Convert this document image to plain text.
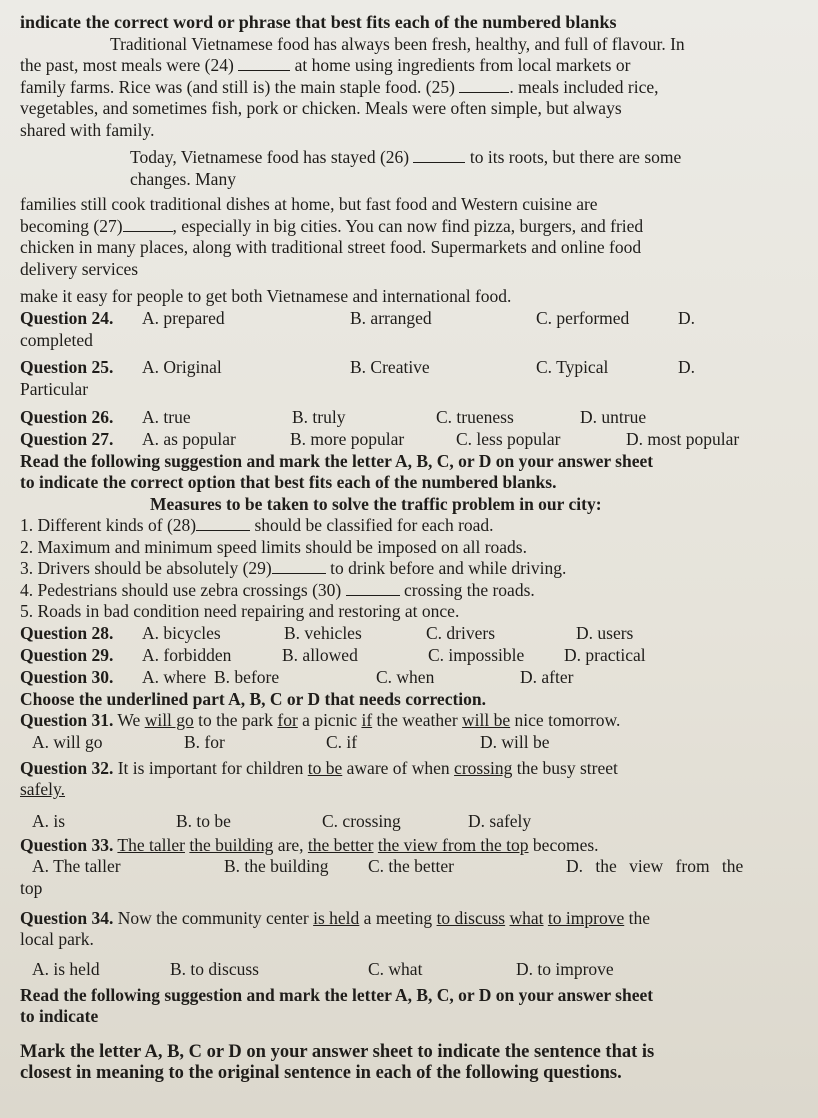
indicate the correct word or phrase that best fits each of the numbered blanks

Traditional Vietnamese food has always been fresh, healthy, and full of flavour. In

the past, most meals were (24)	at home using ingredients from local markets or

family farms. Rice was (and still is) the main staple food. (25)	. meals included rice,

vegetables, and sometimes fish, pork or chicken. Meals were often simple, but always

shared with family.

Today, Vietnamese food has stayed (26)	to its roots, but there are some

changes. Many

families still cook traditional dishes at home, but fast food and Western cuisine are

becoming (27)	, especially in big cities. You can now find pizza, burgers, and fried

chicken in many places, along with traditional street food. Supermarkets and online food

delivery services

make it easy for people to get both Vietnamese and international food.

Question 24. A. prepared	B. arranged	C. performed	D.

completed

Question 25. A. Original	B. Creative	C. Typical	D.

Particular

Question 26. A. true	B. truly	C. trueness	D. untrue
Question 27. A. as popular	B. more popular	C. less popular	D. most popular

Read the following suggestion and mark the letter A, B, C, or D on your answer sheet

to indicate the correct option that best fits each of the numbered blanks.

Measures to be taken to solve the traffic problem in our city:

1. Different kinds of (28)	should be classified for each road.

2. Maximum and minimum speed limits should be imposed on all roads.

3. Drivers should be absolutely (29)	to drink before and while driving.

4. Pedestrians should use zebra crossings (30)	crossing the roads.

5. Roads in bad condition need repairing and restoring at once.

Question 28. A. bicycles	B. vehicles	C. drivers	D. users
Question 29. A. forbidden	B. allowed	C. impossible D. practical
Question 30. A. where B. before	C. when	D. after

Choose the underlined part A, B, C or D that needs correction.

Question 31. We will go to the park for a picnic if the weather will be nice tomorrow.

A. will go	B. for	C. if	D. will be

Question 32. It is important for children to be aware of when crossing the busy street

safely.

A. is	B. to be	C. crossing	D. safely

Question 33. The taller the building are, the better the view from the top becomes.

A. The taller	B. the building C. the better	D. the view from the

top

Question 34. Now the community center is held a meeting to discuss what to improve the

local park.

A. is held	B. to discuss	C. what	D. to improve

Read the following suggestion and mark the letter A, B, C, or D on your answer sheet

to indicate

Mark the letter A, B, C or D on your answer sheet to indicate the sentence that is

closest in meaning to the original sentence in each of the following questions.
